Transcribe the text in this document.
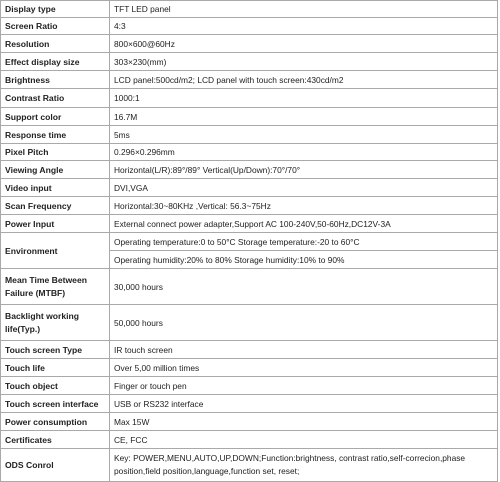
Display type	TFT LED panel
Screen Ratio	4:3
Resolution	800×600@60Hz
Effect display size	303×230(mm)
Brightness	LCD panel:500cd/m2; LCD panel with touch screen:430cd/m2
Contrast Ratio	1000:1
Support color	16.7M
Response time	5ms
Pixel Pitch	0.296×0.296mm
Viewing Angle	Horizontal(L/R):89°/89° Vertical(Up/Down):70°/70°
Video input	DVI,VGA
Scan Frequency	Horizontal:30~80KHz ,Vertical: 56.3~75Hz
Power Input	External connect power adapter,Support AC 100-240V,50-60Hz,DC12V-3A
Environment	Operating temperature:0 to 50°C Storage temperature:-20 to 60°C
	Operating humidity:20% to 80% Storage humidity:10% to 90%
Mean Time Between Failure (MTBF)	30,000 hours
Backlight working life(Typ.)	50,000 hours
Touch screen Type	IR touch screen
Touch life	Over 5,00 million times
Touch object	Finger or touch pen
Touch screen interface	USB or RS232 interface
Power consumption	Max 15W
Certificates	CE, FCC
ODS Conrol	Key: POWER,MENU,AUTO,UP,DOWN;Function:brightness, contrast ratio,self-correcion,phase position,field position,language,function set, reset;
